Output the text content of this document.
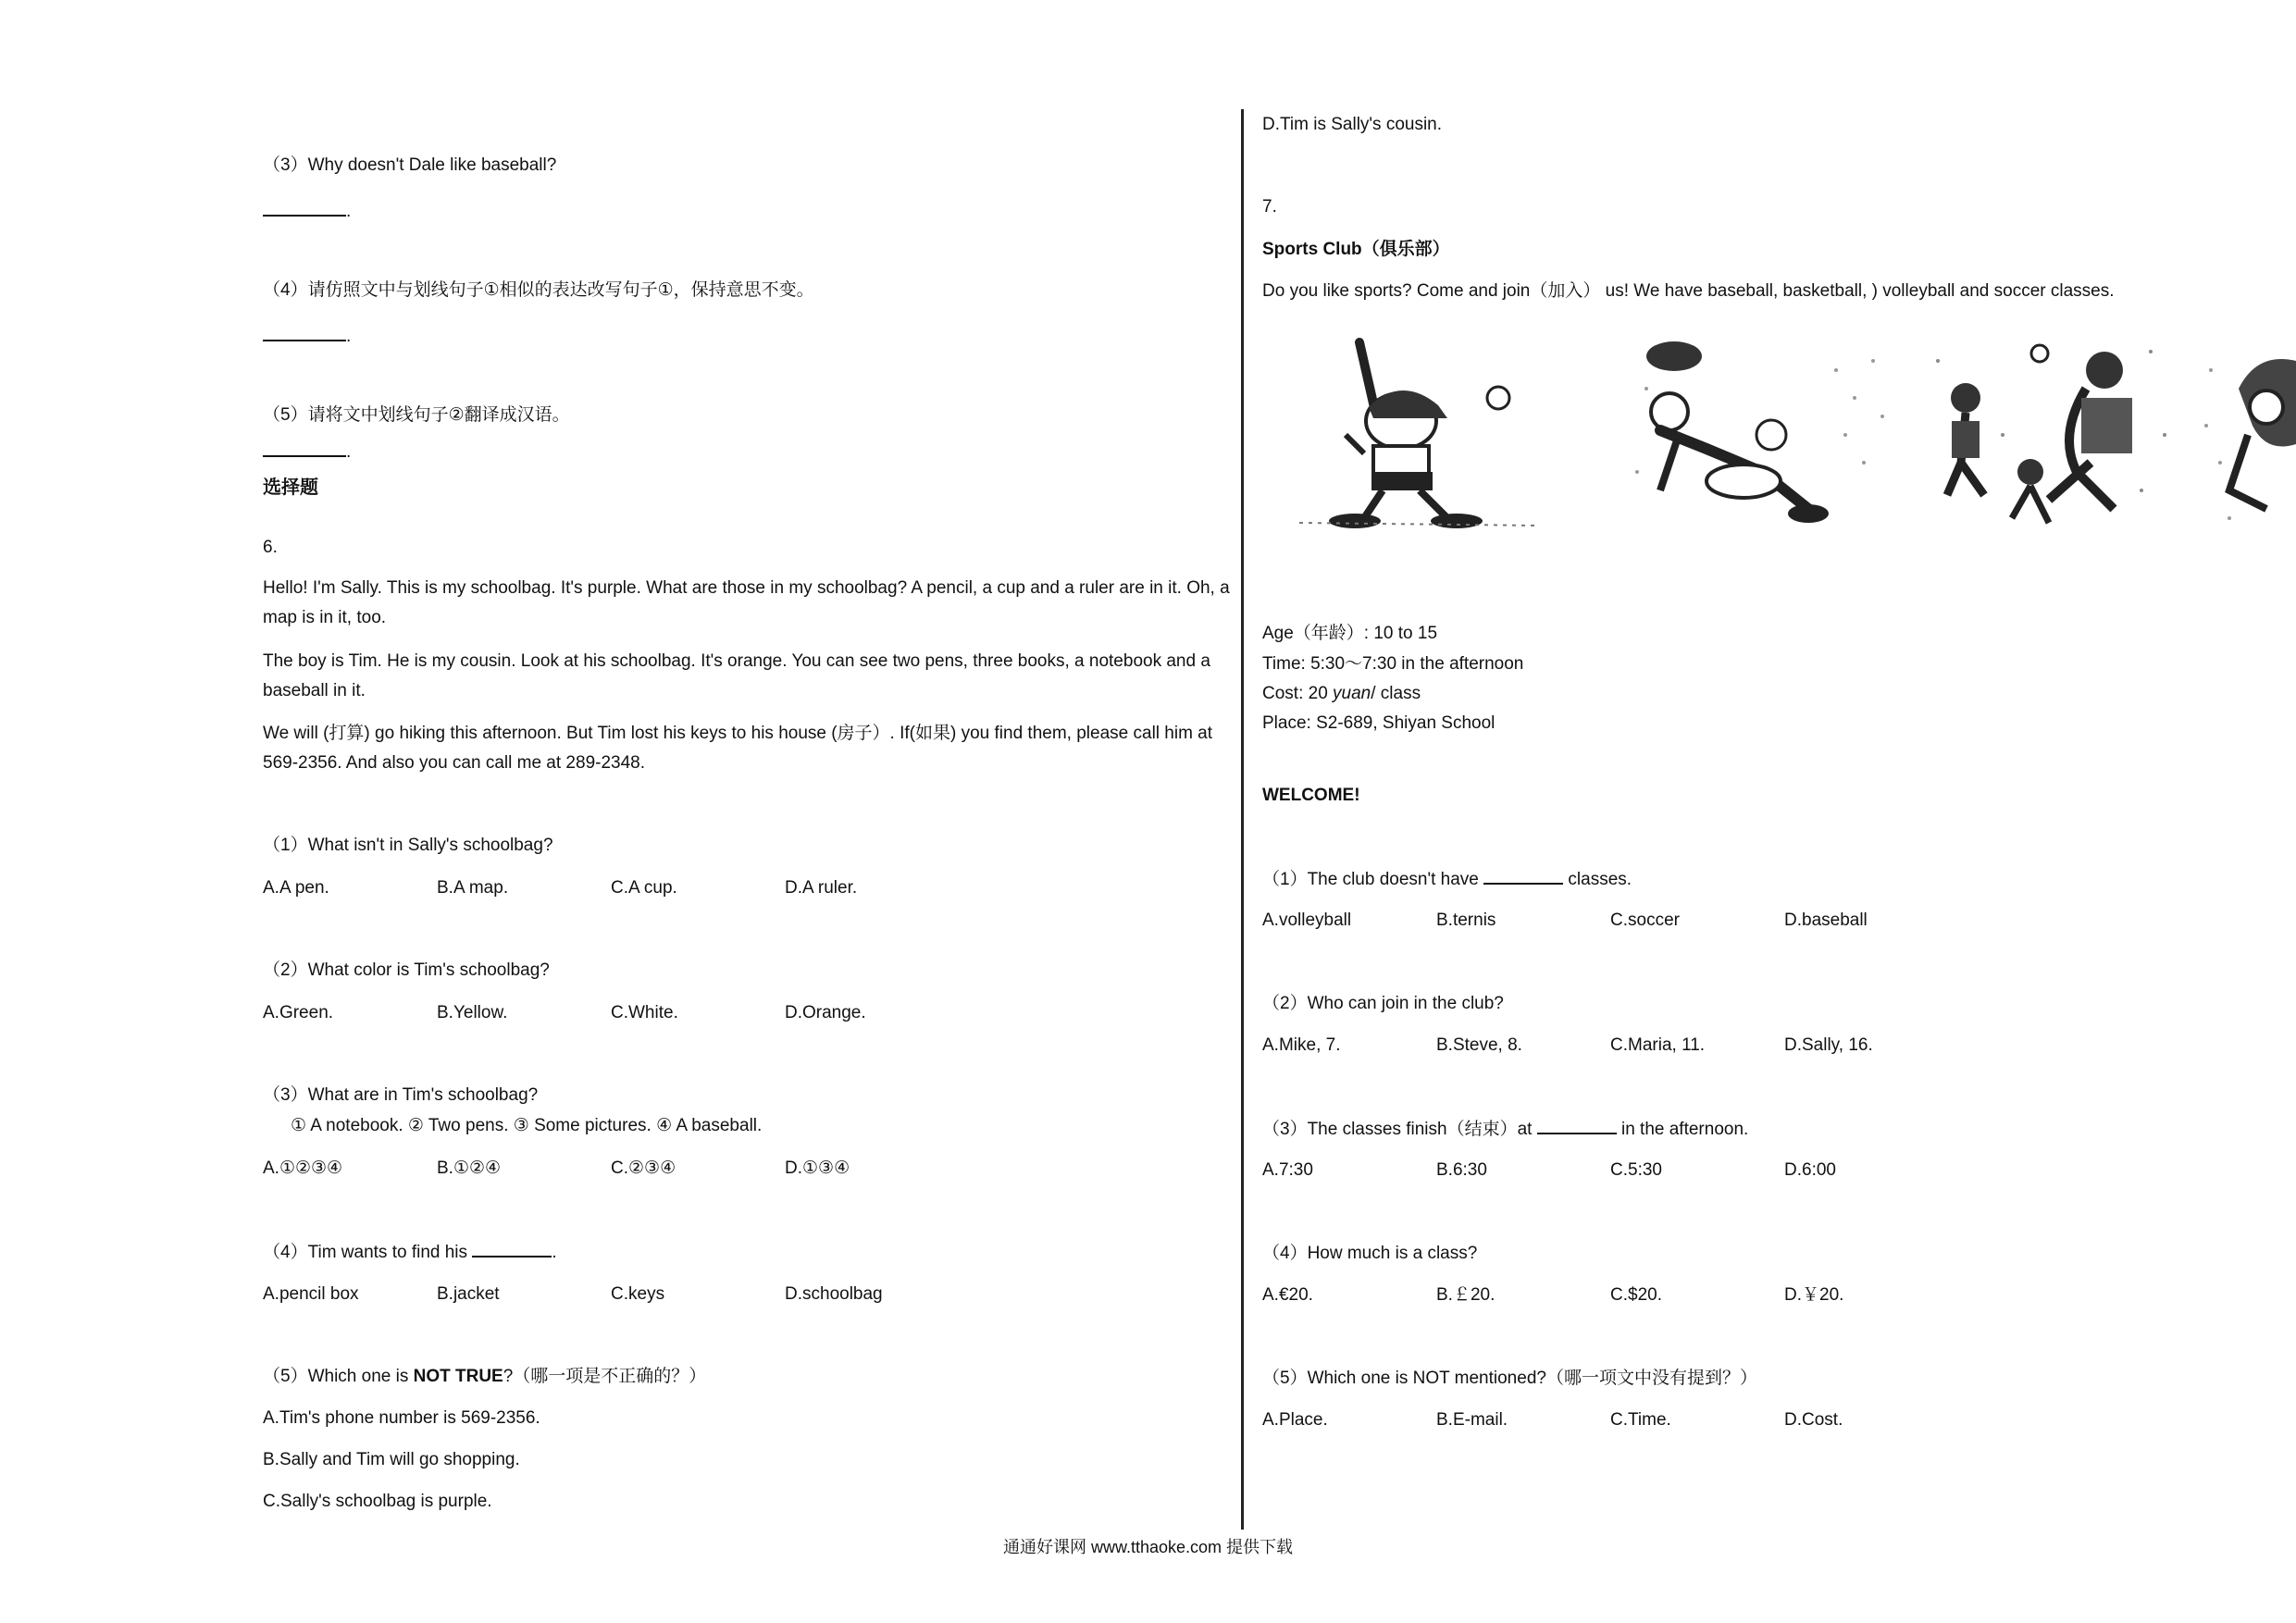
（3）Why doesn't Dale like baseball?
.
（4）请仿照文中与划线句子①相似的表达改写句子①，保持意思不变。
.
（5）请将文中划线句子②翻译成汉语。
.
选择题
6.
Hello! I'm Sally. This is my schoolbag. It's purple. What are those in my schoolbag? A pencil, a cup and a ruler are in it. Oh, a map is in it, too.
The boy is Tim. He is my cousin. Look at his schoolbag. It's orange. You can see two pens, three books, a notebook and a baseball in it.
We will (打算) go hiking this afternoon. But Tim lost his keys to his house (房子）. If(如果) you find them, please call him at 569-2356. And also you can call me at 289-2348.
（1）What isn't in Sally's schoolbag?
A.A pen.	B.A map.	C.A cup.	D.A ruler.
（2）What color is Tim's schoolbag?
A.Green.	B.Yellow.	C.White.	D.Orange.
（3）What are in Tim's schoolbag?
① A notebook. ② Two pens. ③ Some pictures. ④ A baseball.
A.①②③④	B.①②④	C.②③④	D.①③④
（4）Tim wants to find his	.
A.pencil box	B.jacket	C.keys	D.schoolbag
（5）Which one is NOT TRUE?（哪一项是不正确的？）
A.Tim's phone number is 569-2356.
B.Sally and Tim will go shopping.
C.Sally's schoolbag is purple.
D.Tim is Sally's cousin.
7.
Sports Club（俱乐部）
Do you like sports? Come and join（加入） us! We have baseball, basketball, ) volleyball and soccer classes.
Age（年龄）: 10 to 15
Time: 5:30～7:30 in the afternoon
Cost: 20 yuan/ class
Place: S2-689, Shiyan School
WELCOME!
（1）The club doesn't have	classes.
A.volleyball	B.ternis	C.soccer	D.baseball
（2）Who can join in the club?
A.Mike, 7.	B.Steve, 8.	C.Maria, 11.	D.Sally, 16.
（3）The classes finish（结束）at	in the afternoon.
A.7:30	B.6:30	C.5:30	D.6:00
（4）How much is a class?
A.€20.	B.￡20.	C.$20.	D.￥20.
（5）Which one is NOT mentioned?（哪一项文中没有提到？）
A.Place.	B.E-mail.	C.Time.	D.Cost.
通通好课网 www.tthaoke.com 提供下载
